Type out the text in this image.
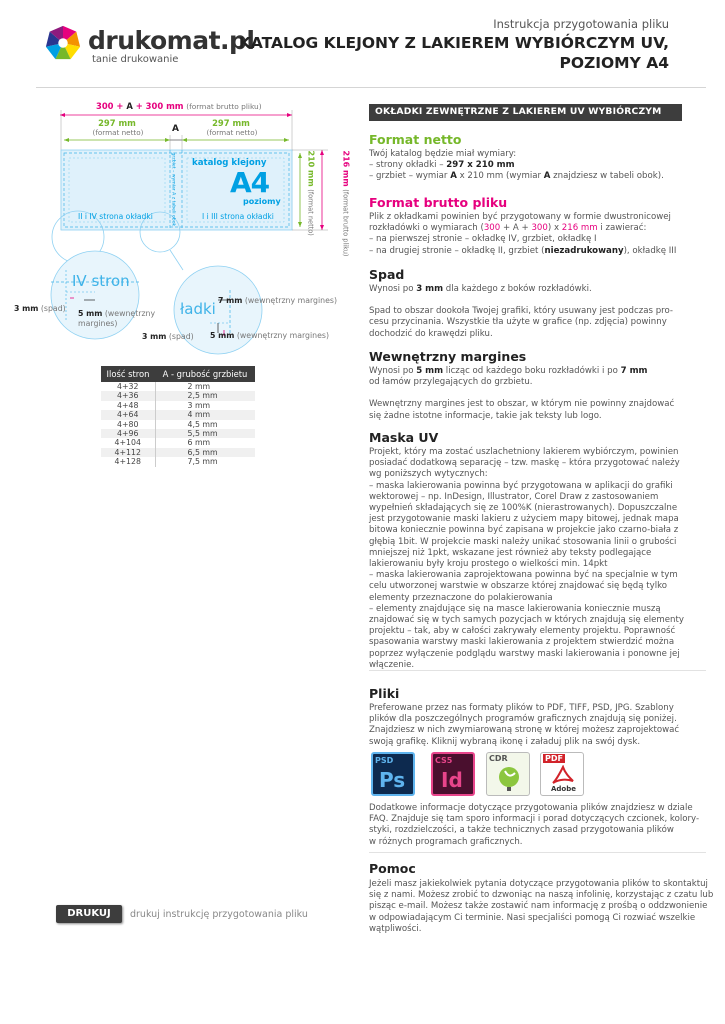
drukomat.pl
tanie drukowanie
Instrukcja przygotowania pliku
KATALOG KLEJONY Z LAKIEREM WYBIÓRCZYM UV,
POZIOMY A4
300 + A + 300 mm (format brutto pliku)
297 mm
(format netto)	A
297 mm
(format netto)
katalog klejony
A4
poziomy
II i IV strona okładki	I i III strona okładki
grzbiet – wymiar A z tabeli obok	216 mm (format brutto pliku)
210 mm (format netto)
IV stron
ładki
3 mm (spad)
5 mm (wewnętrzny margines)
7 mm (wewnętrzny margines)
3 mm (spad) 5 mm (wewnętrzny margines)
Ilość stron	A - grubość grzbietu
4+32	2 mm
4+36	2,5 mm
4+48	3 mm
4+64	4 mm
4+80	4,5 mm
4+96	5,5 mm
4+104	6 mm
4+112	6,5 mm
4+128	7,5 mm
OKŁADKI ZEWNĘTRZNE Z LAKIEREM UV WYBIÓRCZYM
Format netto
Twój katalog będzie miał wymiary:
– strony okładki – 297 x 210 mm
– grzbiet – wymiar A x 210 mm (wymiar A znajdziesz w tabeli obok).
Format brutto pliku
Plik z okładkami powinien być przygotowany w formie dwustronicowej
rozkładówki o wymiarach (300 + A + 300) x 216 mm i zawierać:
– na pierwszej stronie – okładkę IV, grzbiet, okładkę I
– na drugiej stronie – okładkę II, grzbiet (niezadrukowany), okładkę III
Spad
Wynosi po 3 mm dla każdego z boków rozkładówki.
Spad to obszar dookoła Twojej grafiki, który usuwany jest podczas pro-
cesu przycinania. Wszystkie tła użyte w grafice (np. zdjęcia) powinny
dochodzić do krawędzi pliku.
Wewnętrzny margines
Wynosi po 5 mm licząc od każdego boku rozkładówki i po 7 mm
od łamów przylegających do grzbietu.
Wewnętrzny margines jest to obszar, w którym nie powinny znajdować
się żadne istotne informacje, takie jak teksty lub logo.
Maska UV
Projekt, który ma zostać uszlachetniony lakierem wybiórczym, powinien
posiadać dodatkową separację – tzw. maskę – która przygotować należy
wg poniższych wytycznych:
– maska lakierowania powinna być przygotowana w aplikacji do grafiki
wektorowej – np. InDesign, Illustrator, Corel Draw z zastosowaniem
wypełnień składających się ze 100%K (nierastrowanych). Dopuszczalne
jest przygotowanie maski lakieru z użyciem mapy bitowej, jednak mapa
bitowa koniecznie powinna być zapisana w projekcie jako czarno-biała z
głębią 1bit. W projekcie maski należy unikać stosowania linii o grubości
mniejszej niż 1pkt, wskazane jest również aby teksty podlegające
lakierowaniu były kroju prostego o wielkości min. 14pkt
– maska lakierowania zaprojektowana powinna być na specjalnie w tym
celu utworzonej warstwie w obszarze której znajdować się będą tylko
elementy przeznaczone do polakierowania
– elementy znajdujące się na masce lakierowania koniecznie muszą
znajdować się w tych samych pozycjach w których znajdują się elementy
projektu – tak, aby w całości zakrywały elementy projektu. Poprawność
spasowania warstwy maski lakierowania z projektem stwierdzić można
poprzez wyłączenie podglądu warstwy maski lakierowania i ponowne jej
włączenie.
Pliki
Preferowane przez nas formaty plików to PDF, TIFF, PSD, JPG. Szablony
plików dla poszczególnych programów graficznych znajdują się poniżej.
Znajdziesz w nich zwymiarowaną stronę w której możesz zaprojektować
swoją grafikę. Kliknij wybraną ikonę i załaduj plik na swój dysk.
PSD
Ps
CS5
Id
CDR	PDF
Adobe
Dodatkowe informacje dotyczące przygotowania plików znajdziesz w dziale
FAQ. Znajduje się tam sporo informacji i porad dotyczących czcionek, kolory-
styki, rozdzielczości, a także technicznych zasad przygotowania plików
w różnych programach graficznych.
Pomoc
Jeżeli masz jakiekolwiek pytania dotyczące przygotowania plików to skontaktuj
się z nami. Możesz zrobić to dzwoniąc na naszą infolinię, korzystając z czatu lub
pisząc e-mail. Możesz także zostawić nam informację z prośbą o oddzwonienie
w odpowiadającym Ci terminie. Nasi specjaliści pomogą Ci rozwiać wszelkie
wątpliwości.
DRUKUJ	drukuj instrukcję przygotowania pliku
